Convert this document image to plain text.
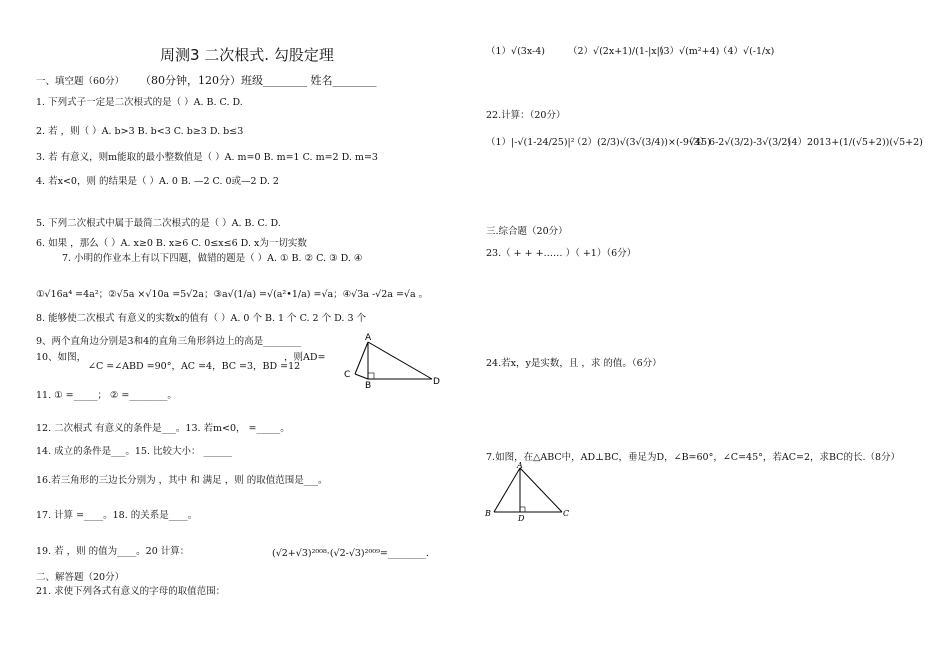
周测3 二次根式. 勾股定理
一、填空题（60分） （80分钟，120分）班级________ 姓名________
1. 下列式子一定是二次根式的是（ ）A. B. C. D.
2. 若 ，则（ ）A. b>3 B. b<3 C. b≥3 D. b≤3
3. 若 有意义，则m能取的最小整数值是（ ）A. m=0 B. m=1 C. m=2 D. m=3
4. 若x<0，则 的结果是（ ）A. 0 B. —2 C. 0或—2 D. 2
5. 下列二次根式中属于最简二次根式的是（ ）A. B. C. D.
6. 如果 ，那么（ ）A. x≥0 B. x≥6 C. 0≤x≤6 D. x为一切实数
7. 小明的作业本上有以下四题，做错的题是（ ）A. ① B. ② C. ③ D. ④
①√16a⁴ =4a²；②√5a ×√10a =5√2a；③a√(1/a) =√(a²•1/a) =√a；④√3a -√2a =√a 。
8. 能够使二次根式 有意义的实数x的值有（ ）A. 0 个 B. 1 个 C. 2 个 D. 3 个
9、两个直角边分别是3和4的直角三角形斜边上的高是________
10、如图，
∠C =∠ABD =90°，AC =4，BC =3，BD =12
，则AD=
A
C
B	D
11. ① =_____； ② =________。
12. 二次根式 有意义的条件是___。13. 若m<0， =_____。
14. 成立的条件是___。15. 比较大小： ______
16.若三角形的三边长分别为 ，其中 和 满足 ，则 的取值范围是___。
17. 计算 =____。18. 的关系是____。
19. 若 ，则 的值为____。20 计算：	(√2+√3)²⁰⁰⁸·(√2-√3)²⁰⁰⁹=________.
二、解答题（20分）
21. 求使下列各式有意义的字母的取值范围：
（1）√(3x-4) （2）√(2x+1)/(1-|x|)
（3）√(m²+4)
（4）√(-1/x)
22.计算：（20分）
（1）|-√(1-24/25)|²
（2）(2/3)√(3√(3/4))×(-9√45)
（3）6-2√(3/2)-3√(3/2)
（4）2013+(1/(√5+2))(√5+2)
三.综合题（20分）
23.（ + + +…… ）（ +1）（6分）
24.若x，y是实数，且 ，求 的值。（6分）
7.如图，在△ABC中，AD⊥BC，垂足为D，∠B=60°，∠C=45°，若AC=2，求BC的长.（8分）
A
B
D
C
